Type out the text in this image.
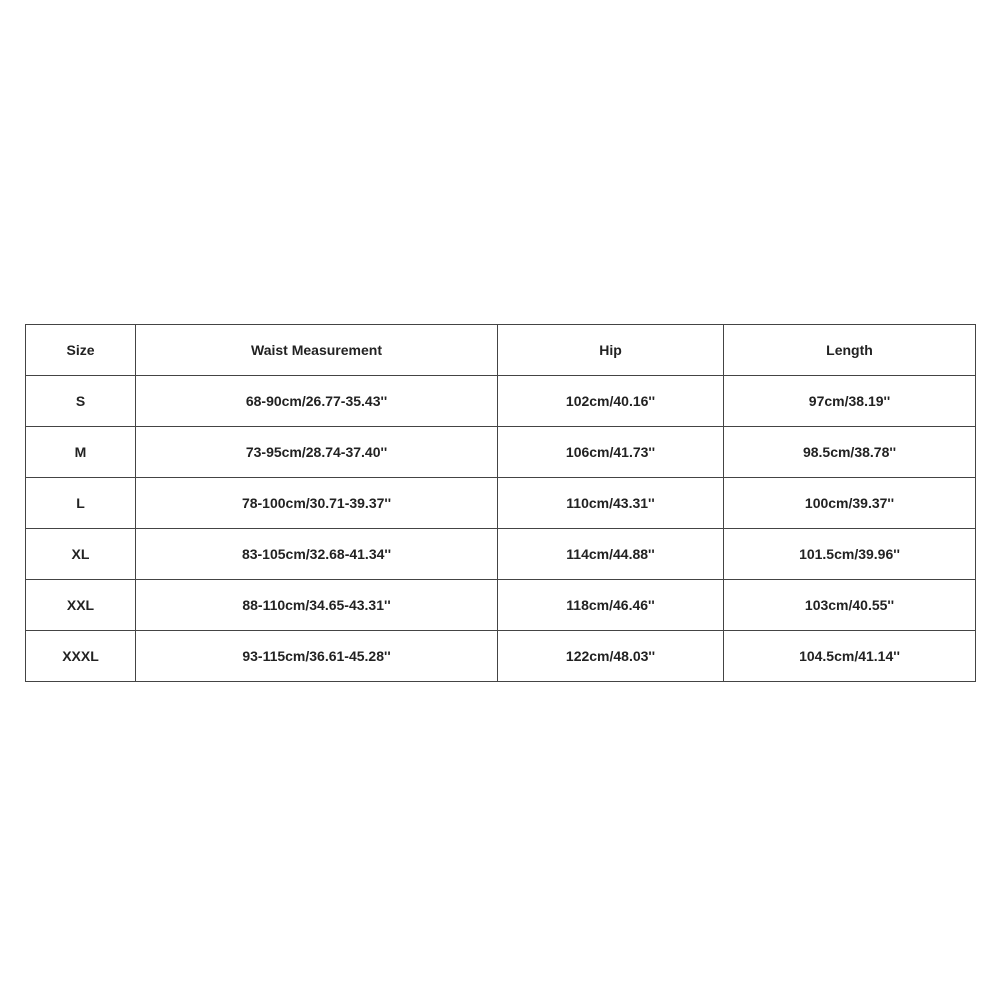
Size	Waist Measurement	Hip	Length
S	68-90cm/26.77-35.43''	102cm/40.16''	97cm/38.19''
M	73-95cm/28.74-37.40''	106cm/41.73''	98.5cm/38.78''
L	78-100cm/30.71-39.37''	110cm/43.31''	100cm/39.37''
XL	83-105cm/32.68-41.34''	114cm/44.88''	101.5cm/39.96''
XXL	88-110cm/34.65-43.31''	118cm/46.46''	103cm/40.55''
XXXL	93-115cm/36.61-45.28''	122cm/48.03''	104.5cm/41.14''
